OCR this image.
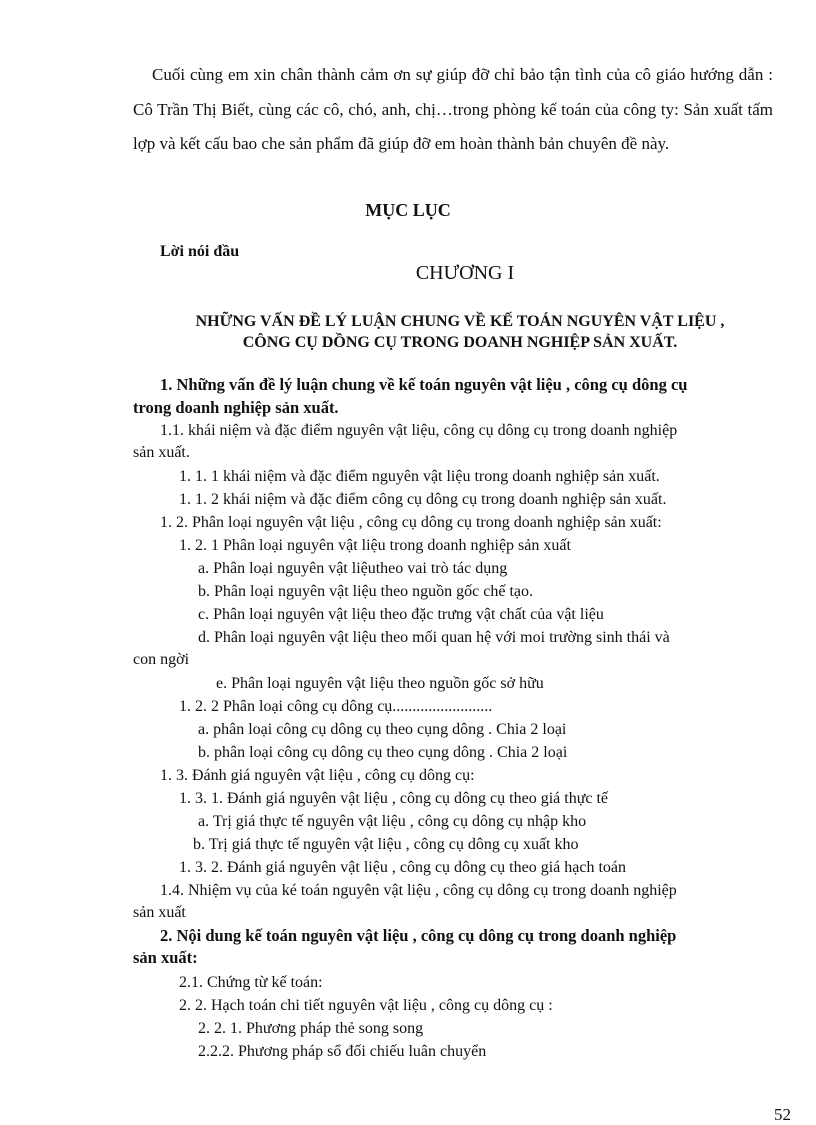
Cuối cùng em xin chân thành cảm ơn sự giúp đỡ chỉ bảo tận tình của cô giáo hướng dẫn : Cô Trần Thị Biết, cùng các cô, chó, anh, chị…trong phòng kế toán của công ty: Sản xuất tấm lợp và kết cấu bao che sản phẩm đã giúp đỡ em hoàn thành bản chuyên đề này.

MỤC LỤC

Lời nói đầu

CHƯƠNG I

NHỮNG VẤN ĐỀ LÝ LUẬN CHUNG VỀ KẾ TOÁN NGUYÊN VẬT LIỆU ,
CÔNG CỤ DỒNG CỤ TRONG DOANH NGHIỆP SẢN XUẤT.

1. Những vấn đề lý luận chung về kế toán nguyên vật liệu , công cụ dông cụ

trong doanh nghiệp sản xuất.

1.1. khái niệm và đặc điểm nguyên vật liệu, công cụ dông cụ trong doanh nghiệp

sản xuất.

1. 1. 1 khái niệm và đặc điểm nguyên vật liệu trong doanh nghiệp sản xuất.

1. 1. 2 khái niệm và đặc điểm công cụ dông cụ trong doanh nghiệp sản xuất.

1. 2. Phân loại nguyên vật liệu , công cụ dông cụ trong doanh nghiệp sản xuất:

1. 2. 1 Phân loại nguyên vật liệu trong doanh nghiệp sản xuất

a. Phân loại nguyên vật liệutheo vai trò tác dụng

b. Phân loại nguyên vật liệu theo nguồn gốc chế tạo.

c. Phân loại nguyên vật liệu theo đặc trưng vật chất của vật liệu

d. Phân loại nguyên vật liệu theo mối quan hệ với moi trường sinh thái và

con ngời

e. Phân loại nguyên vật liệu theo nguồn gốc sở hữu

1. 2. 2 Phân loại công cụ dông cụ.........................

a. phân loại công cụ dông cụ theo cụng dông . Chia 2 loại

b. phân loại công cụ dông cụ theo cụng dông . Chia 2 loại

1. 3. Đánh giá nguyên vật liệu , công cụ dông cụ:

1. 3. 1. Đánh giá nguyên vật liệu , công cụ dông cụ theo giá thực tế

a. Trị giá thực tế nguyên vật liệu , công cụ dông cụ nhập kho

b. Trị giá thực tế nguyên vật liệu , công cụ dông cụ xuất kho

1. 3. 2. Đánh giá nguyên vật liệu , công cụ dông cụ theo giá hạch toán

1.4. Nhiệm vụ của ké toán nguyên vật liệu , công cụ dông cụ trong doanh nghiệp

sản xuất

2. Nội dung kế toán nguyên vật liệu , công cụ dông cụ trong doanh nghiệp

sản xuất:

2.1. Chứng từ kế toán:

2. 2. Hạch toán chi tiết nguyên vật liệu , công cụ dông cụ :

2. 2. 1. Phương pháp thẻ song song

2.2.2. Phương pháp sổ đối chiếu luân chuyển

52
